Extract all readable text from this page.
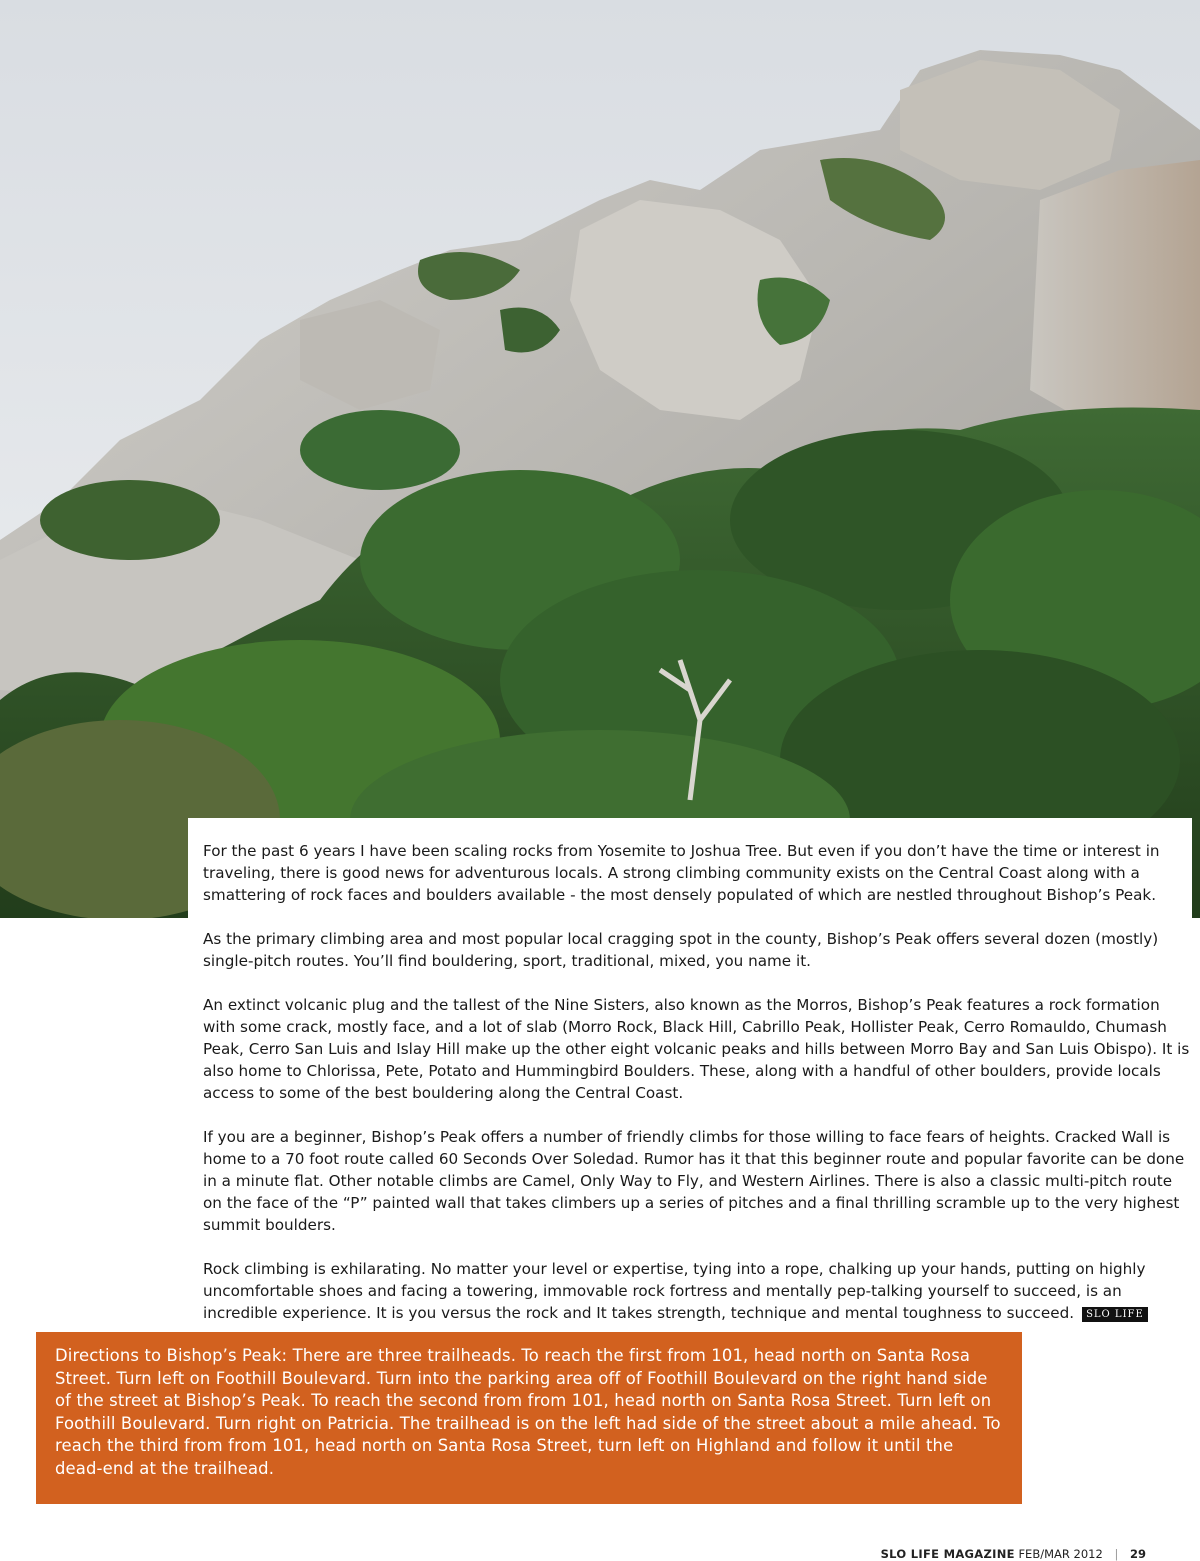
For the past 6 years I have been scaling rocks from Yosemite to Joshua Tree. But even if you don’t have the time or interest in traveling, there is good news for adventurous locals. A strong climbing community exists on the Central Coast along with a smattering of rock faces and boulders available - the most densely populated of which are nestled throughout Bishop’s Peak.

As the primary climbing area and most popular local cragging spot in the county, Bishop’s Peak offers several dozen (mostly) single-pitch routes. You’ll find bouldering, sport, traditional, mixed, you name it.

An extinct volcanic plug and the tallest of the Nine Sisters, also known as the Morros, Bishop’s Peak features a rock formation with some crack, mostly face, and a lot of slab (Morro Rock, Black Hill, Cabrillo Peak, Hollister Peak, Cerro Romauldo, Chumash Peak, Cerro San Luis and Islay Hill make up the other eight volcanic peaks and hills between Morro Bay and San Luis Obispo). It is also home to Chlorissa, Pete, Potato and Hummingbird Boulders. These, along with a handful of other boulders, provide locals access to some of the best bouldering along the Central Coast.

If you are a beginner, Bishop’s Peak offers a number of friendly climbs for those willing to face fears of heights. Cracked Wall is home to a 70 foot route called 60 Seconds Over Soledad. Rumor has it that this beginner route and popular favorite can be done in a minute flat. Other notable climbs are Camel, Only Way to Fly, and Western Airlines. There is also a classic multi-pitch route on the face of the “P” painted wall that takes climbers up a series of pitches and a final thrilling scramble up to the very highest summit boulders.

Rock climbing is exhilarating. No matter your level or expertise, tying into a rope, chalking up your hands, putting on highly uncomfortable shoes and facing a towering, immovable rock fortress and mentally pep-talking yourself to succeed, is an incredible experience. It is you versus the rock and It takes strength, technique and mental toughness to succeed. SLO LIFE

Directions to Bishop’s Peak: There are three trailheads. To reach the first from 101, head north on Santa Rosa Street. Turn left on Foothill Boulevard. Turn into the parking area off of Foothill Boulevard on the right hand side of the street at Bishop’s Peak. To reach the second from from 101, head north on Santa Rosa Street. Turn left on Foothill Boulevard. Turn right on Patricia. The trailhead is on the left had side of the street about a mile ahead. To reach the third from from 101, head north on Santa Rosa Street, turn left on Highland and follow it until the dead-end at the trailhead.

SLO LIFE MAGAZINE FEB/MAR 2012 | 29
